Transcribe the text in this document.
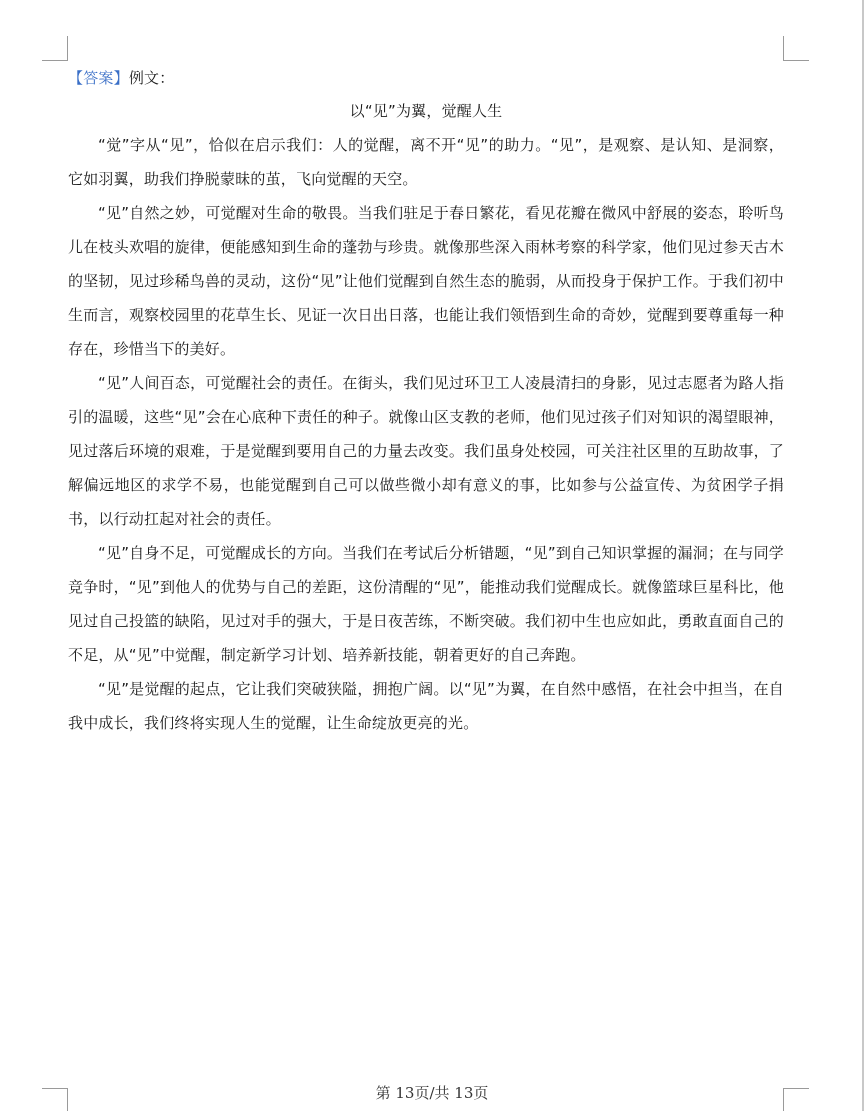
【答案】例文：
以“见”为翼，觉醒人生

“觉”字从“见”，恰似在启示我们：人的觉醒，离不开“见”的助力。“见”，是观察、是认知、是洞察，它如羽翼，助我们挣脱蒙昧的茧，飞向觉醒的天空。

“见”自然之妙，可觉醒对生命的敬畏。当我们驻足于春日繁花，看见花瓣在微风中舒展的姿态，聆听鸟儿在枝头欢唱的旋律，便能感知到生命的蓬勃与珍贵。就像那些深入雨林考察的科学家，他们见过参天古木的坚韧，见过珍稀鸟兽的灵动，这份“见”让他们觉醒到自然生态的脆弱，从而投身于保护工作。于我们初中生而言，观察校园里的花草生长、见证一次日出日落，也能让我们领悟到生命的奇妙，觉醒到要尊重每一种存在，珍惜当下的美好。

“见”人间百态，可觉醒社会的责任。在街头，我们见过环卫工人凌晨清扫的身影，见过志愿者为路人指引的温暖，这些“见”会在心底种下责任的种子。就像山区支教的老师，他们见过孩子们对知识的渴望眼神，见过落后环境的艰难，于是觉醒到要用自己的力量去改变。我们虽身处校园，可关注社区里的互助故事，了解偏远地区的求学不易，也能觉醒到自己可以做些微小却有意义的事，比如参与公益宣传、为贫困学子捐书，以行动扛起对社会的责任。

“见”自身不足，可觉醒成长的方向。当我们在考试后分析错题，“见”到自己知识掌握的漏洞；在与同学竞争时，“见”到他人的优势与自己的差距，这份清醒的“见”，能推动我们觉醒成长。就像篮球巨星科比，他见过自己投篮的缺陷，见过对手的强大，于是日夜苦练，不断突破。我们初中生也应如此，勇敢直面自己的不足，从“见”中觉醒，制定新学习计划、培养新技能，朝着更好的自己奔跑。

“见”是觉醒的起点，它让我们突破狭隘，拥抱广阔。以“见”为翼，在自然中感悟，在社会中担当，在自我中成长，我们终将实现人生的觉醒，让生命绽放更亮的光。

第 13页/共 13页
